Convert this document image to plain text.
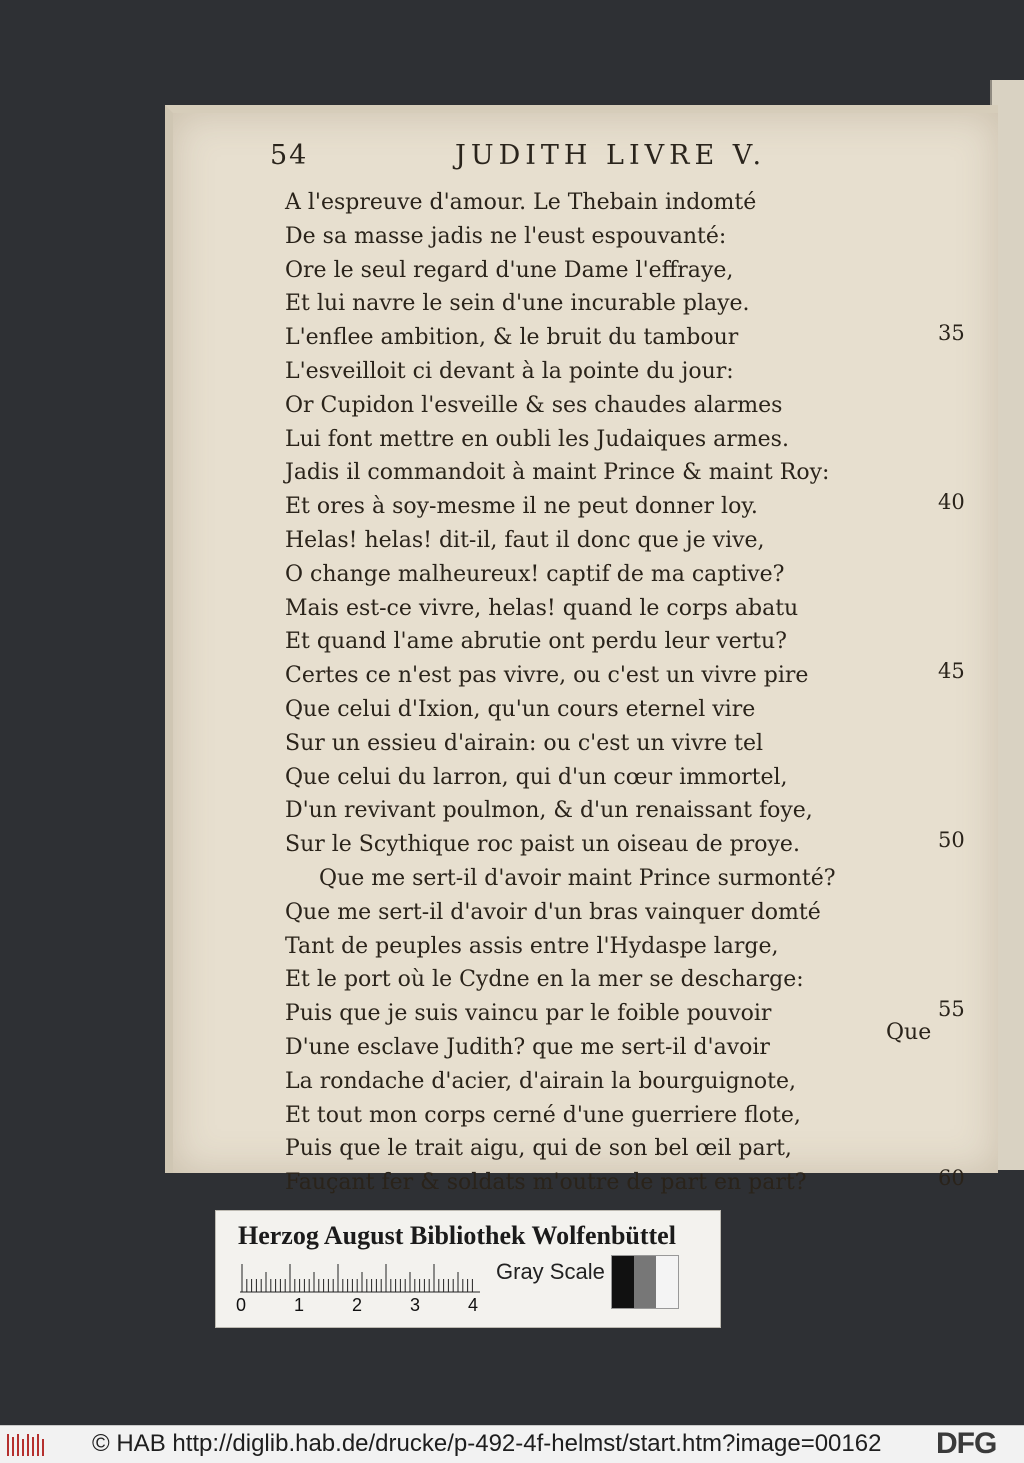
54	JUDITH LIVRE V.
A l'espreuve d'amour. Le Thebain indomté
De sa masse jadis ne l'eust espouvanté:
Ore le seul regard d'une Dame l'effraye,
Et lui navre le sein d'une incurable playe.
L'enflee ambition, & le bruit du tambour
L'esveilloit ci devant à la pointe du jour:
Or Cupidon l'esveille & ses chaudes alarmes
Lui font mettre en oubli les Judaiques armes.
Jadis il commandoit à maint Prince & maint Roy:
Et ores à soy-mesme il ne peut donner loy.
Helas! helas! dit-il, faut il donc que je vive,
O change malheureux! captif de ma captive?
Mais est-ce vivre, helas! quand le corps abatu
Et quand l'ame abrutie ont perdu leur vertu?
Certes ce n'est pas vivre, ou c'est un vivre pire
Que celui d'Ixion, qu'un cours eternel vire
Sur un essieu d'airain: ou c'est un vivre tel
Que celui du larron, qui d'un cœur immortel,
D'un revivant poulmon, & d'un renaissant foye,
Sur le Scythique roc paist un oiseau de proye.
Que me sert-il d'avoir maint Prince surmonté?
Que me sert-il d'avoir d'un bras vainquer domté
Tant de peuples assis entre l'Hydaspe large,
Et le port où le Cydne en la mer se descharge:
Puis que je suis vaincu par le foible pouvoir
D'une esclave Judith? que me sert-il d'avoir
La rondache d'acier, d'airain la bourguignote,
Et tout mon corps cerné d'une guerriere flote,
Puis que le trait aigu, qui de son bel œil part,
Fauçant fer & soldats m'outre de part en part?
35
40
45
50
55
60
Que
Herzog August Bibliothek Wolfenbüttel
0	1	2	3	4
Gray Scale
© HAB http://diglib.hab.de/drucke/p-492-4f-helmst/start.htm?image=00162 DFG
